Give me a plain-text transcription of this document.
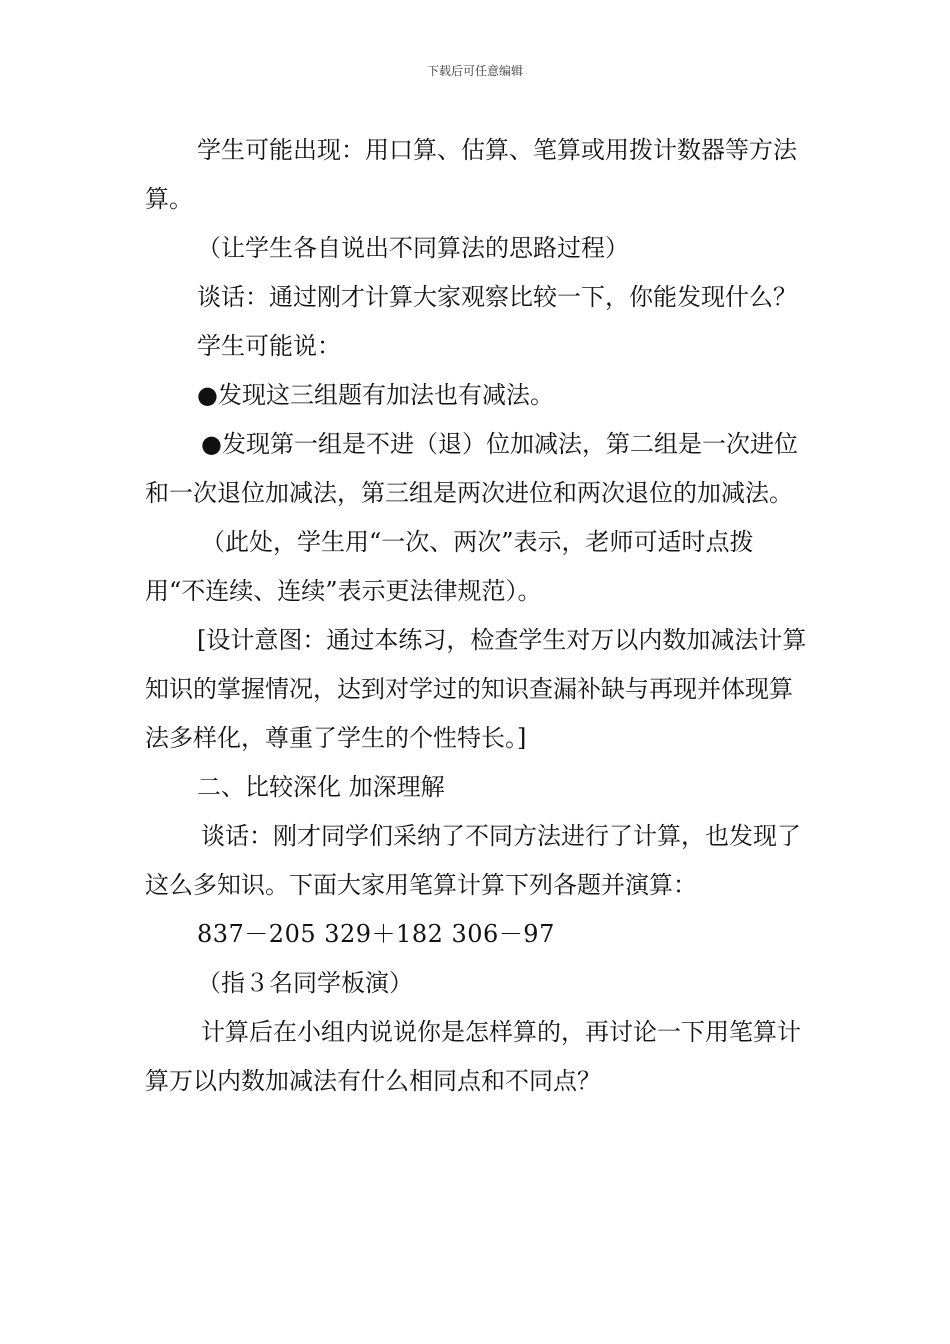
下载后可任意编辑

学生可能出现：用口算、估算、笔算或用拨计数器等方法算。

（让学生各自说出不同算法的思路过程）

谈话：通过刚才计算大家观察比较一下，你能发现什么？

学生可能说：

●发现这三组题有加法也有减法。

●发现第一组是不进（退）位加减法，第二组是一次进位和一次退位加减法，第三组是两次进位和两次退位的加减法。

（此处，学生用“一次、两次”表示，老师可适时点拨用“不连续、连续”表示更法律规范）。

[设计意图：通过本练习，检查学生对万以内数加减法计算知识的掌握情况，达到对学过的知识查漏补缺与再现并体现算法多样化，尊重了学生的个性特长。]

二、比较深化 加深理解

谈话：刚才同学们采纳了不同方法进行了计算，也发现了这么多知识。下面大家用笔算计算下列各题并演算：

837－205 329＋182 306－97

（指３名同学板演）

计算后在小组内说说你是怎样算的，再讨论一下用笔算计算万以内数加减法有什么相同点和不同点？
